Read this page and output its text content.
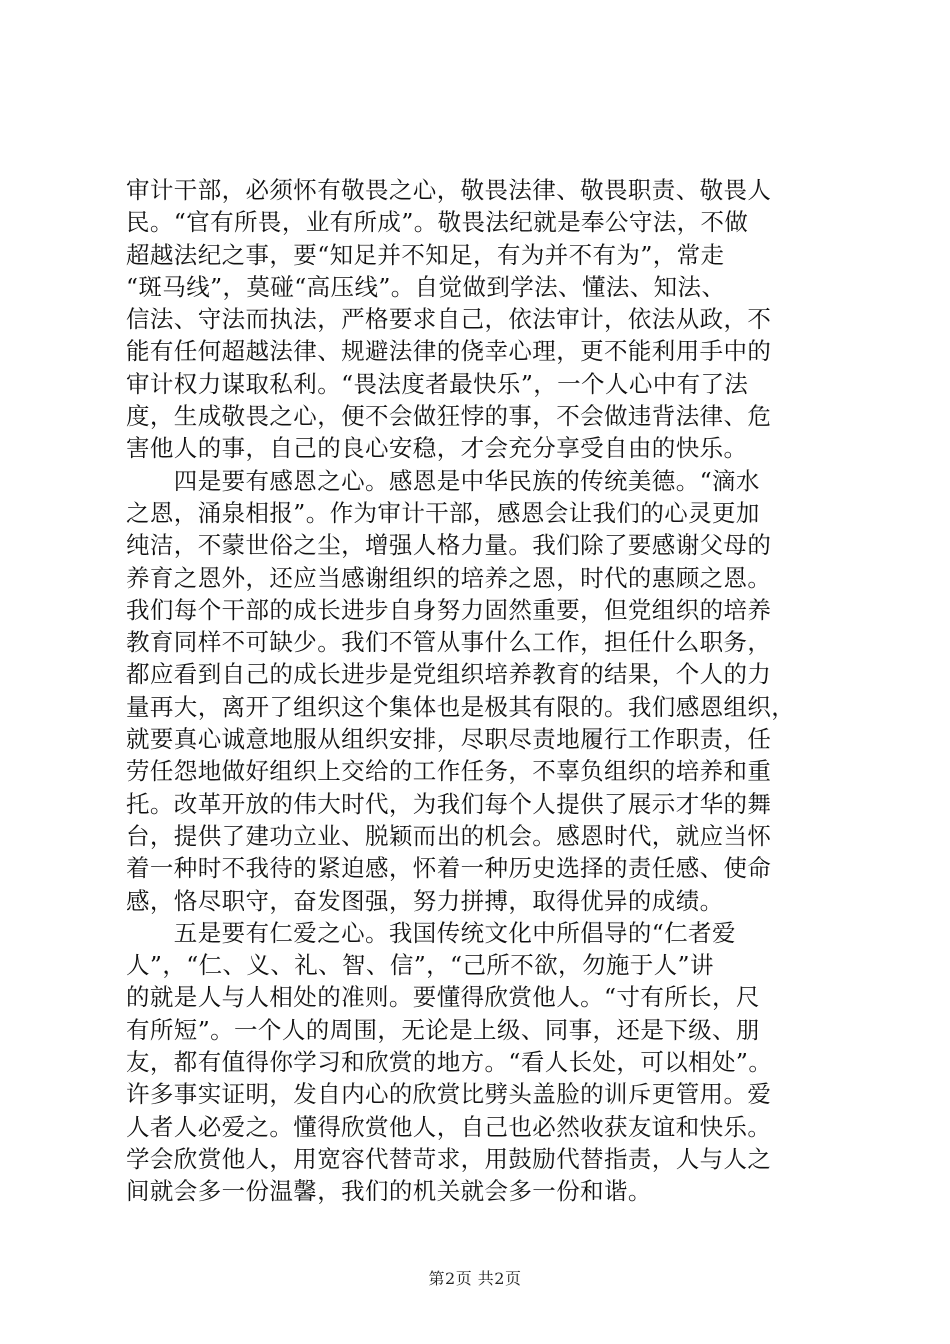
审计干部，必须怀有敬畏之心，敬畏法律、敬畏职责、敬畏人
民。“官有所畏，业有所成”。敬畏法纪就是奉公守法，不做
超越法纪之事，要“知足并不知足，有为并不有为”，常走
“斑马线”，莫碰“高压线”。自觉做到学法、懂法、知法、
信法、守法而执法，严格要求自己，依法审计，依法从政，不
能有任何超越法律、规避法律的侥幸心理，更不能利用手中的
审计权力谋取私利。“畏法度者最快乐”，一个人心中有了法
度，生成敬畏之心，便不会做狂悖的事，不会做违背法律、危
害他人的事，自己的良心安稳，才会充分享受自由的快乐。
　　四是要有感恩之心。感恩是中华民族的传统美德。“滴水
之恩，涌泉相报”。作为审计干部，感恩会让我们的心灵更加
纯洁，不蒙世俗之尘，增强人格力量。我们除了要感谢父母的
养育之恩外，还应当感谢组织的培养之恩，时代的惠顾之恩。
我们每个干部的成长进步自身努力固然重要，但党组织的培养
教育同样不可缺少。我们不管从事什么工作，担任什么职务，
都应看到自己的成长进步是党组织培养教育的结果，个人的力
量再大，离开了组织这个集体也是极其有限的。我们感恩组织，
就要真心诚意地服从组织安排，尽职尽责地履行工作职责，任
劳任怨地做好组织上交给的工作任务，不辜负组织的培养和重
托。改革开放的伟大时代，为我们每个人提供了展示才华的舞
台，提供了建功立业、脱颖而出的机会。感恩时代，就应当怀
着一种时不我待的紧迫感，怀着一种历史选择的责任感、使命
感，恪尽职守，奋发图强，努力拼搏，取得优异的成绩。
　　五是要有仁爱之心。我国传统文化中所倡导的“仁者爱
人”，“仁、义、礼、智、信”，“己所不欲，勿施于人”讲
的就是人与人相处的准则。要懂得欣赏他人。“寸有所长，尺
有所短”。一个人的周围，无论是上级、同事，还是下级、朋
友，都有值得你学习和欣赏的地方。“看人长处，可以相处”。
许多事实证明，发自内心的欣赏比劈头盖脸的训斥更管用。爱
人者人必爱之。懂得欣赏他人，自己也必然收获友谊和快乐。
学会欣赏他人，用宽容代替苛求，用鼓励代替指责，人与人之
间就会多一份温馨，我们的机关就会多一份和谐。
第2页 共2页
